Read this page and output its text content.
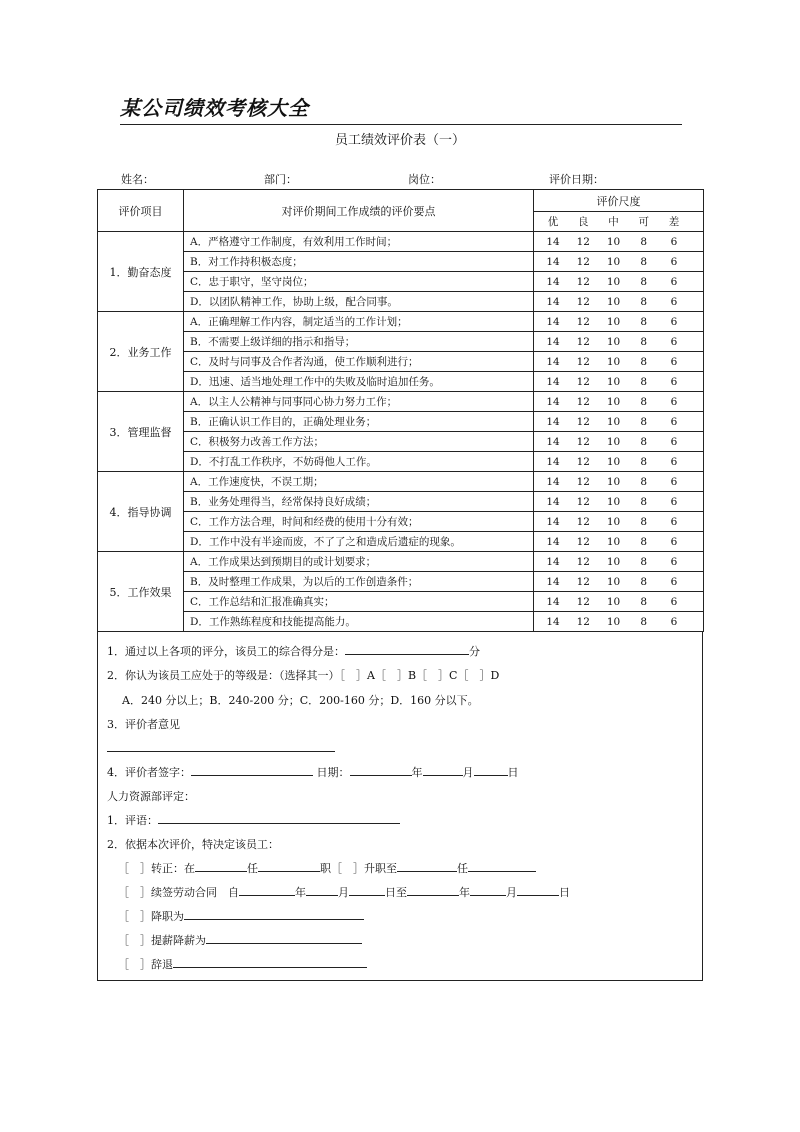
某公司绩效考核大全
员工绩效评价表（一）
姓名：	部门：	岗位：	评价日期：
评价项目	对评价期间工作成绩的评价要点	评价尺度

		优 良 中 可 差

1．勤奋态度	A．严格遵守工作制度，有效利用工作时间；	14 12 10 8 6

	B．对工作持积极态度；	14 12 10 8 6

	C．忠于职守，坚守岗位；	14 12 10 8 6

	D．以团队精神工作，协助上级，配合同事。	14 12 10 8 6

2．业务工作	A．正确理解工作内容，制定适当的工作计划；	14 12 10 8 6

	B．不需要上级详细的指示和指导；	14 12 10 8 6

	C．及时与同事及合作者沟通，使工作顺利进行；	14 12 10 8 6

	D．迅速、适当地处理工作中的失败及临时追加任务。	14 12 10 8 6

3．管理监督	A．以主人公精神与同事同心协力努力工作；	14 12 10 8 6

	B．正确认识工作目的，正确处理业务；	14 12 10 8 6

	C．积极努力改善工作方法；	14 12 10 8 6

	D．不打乱工作秩序，不妨碍他人工作。	14 12 10 8 6

4．指导协调	A．工作速度快，不误工期；	14 12 10 8 6

	B．业务处理得当，经常保持良好成绩；	14 12 10 8 6

	C．工作方法合理，时间和经费的使用十分有效；	14 12 10 8 6

	D．工作中没有半途而废，不了了之和造成后遗症的现象。	14 12 10 8 6

5．工作效果	A．工作成果达到预期目的或计划要求；	14 12 10 8 6

	B．及时整理工作成果，为以后的工作创造条件；	14 12 10 8 6

	C．工作总结和汇报准确真实；	14 12 10 8 6

	D．工作熟练程度和技能提高能力。	14 12 10 8 6
1．通过以上各项的评分，该员工的综合得分是：	分
2．你认为该员工应处于的等级是：（选择其一）［　］A［　］B［　］C［　］D
A．240 分以上；B．240-200 分；C．200-160 分；D．160 分以下。
3．评价者意见
4．评价者签字：	日期：	年	月	日
人力资源部评定：
1．评语：
2．依据本次评价，特决定该员工：
［　］转正：在	任	职［　］升职至	任
［　］续签劳动合同　自	年	月	日至	年	月	日
［　］降职为
［　］提薪降薪为
［　］辞退
